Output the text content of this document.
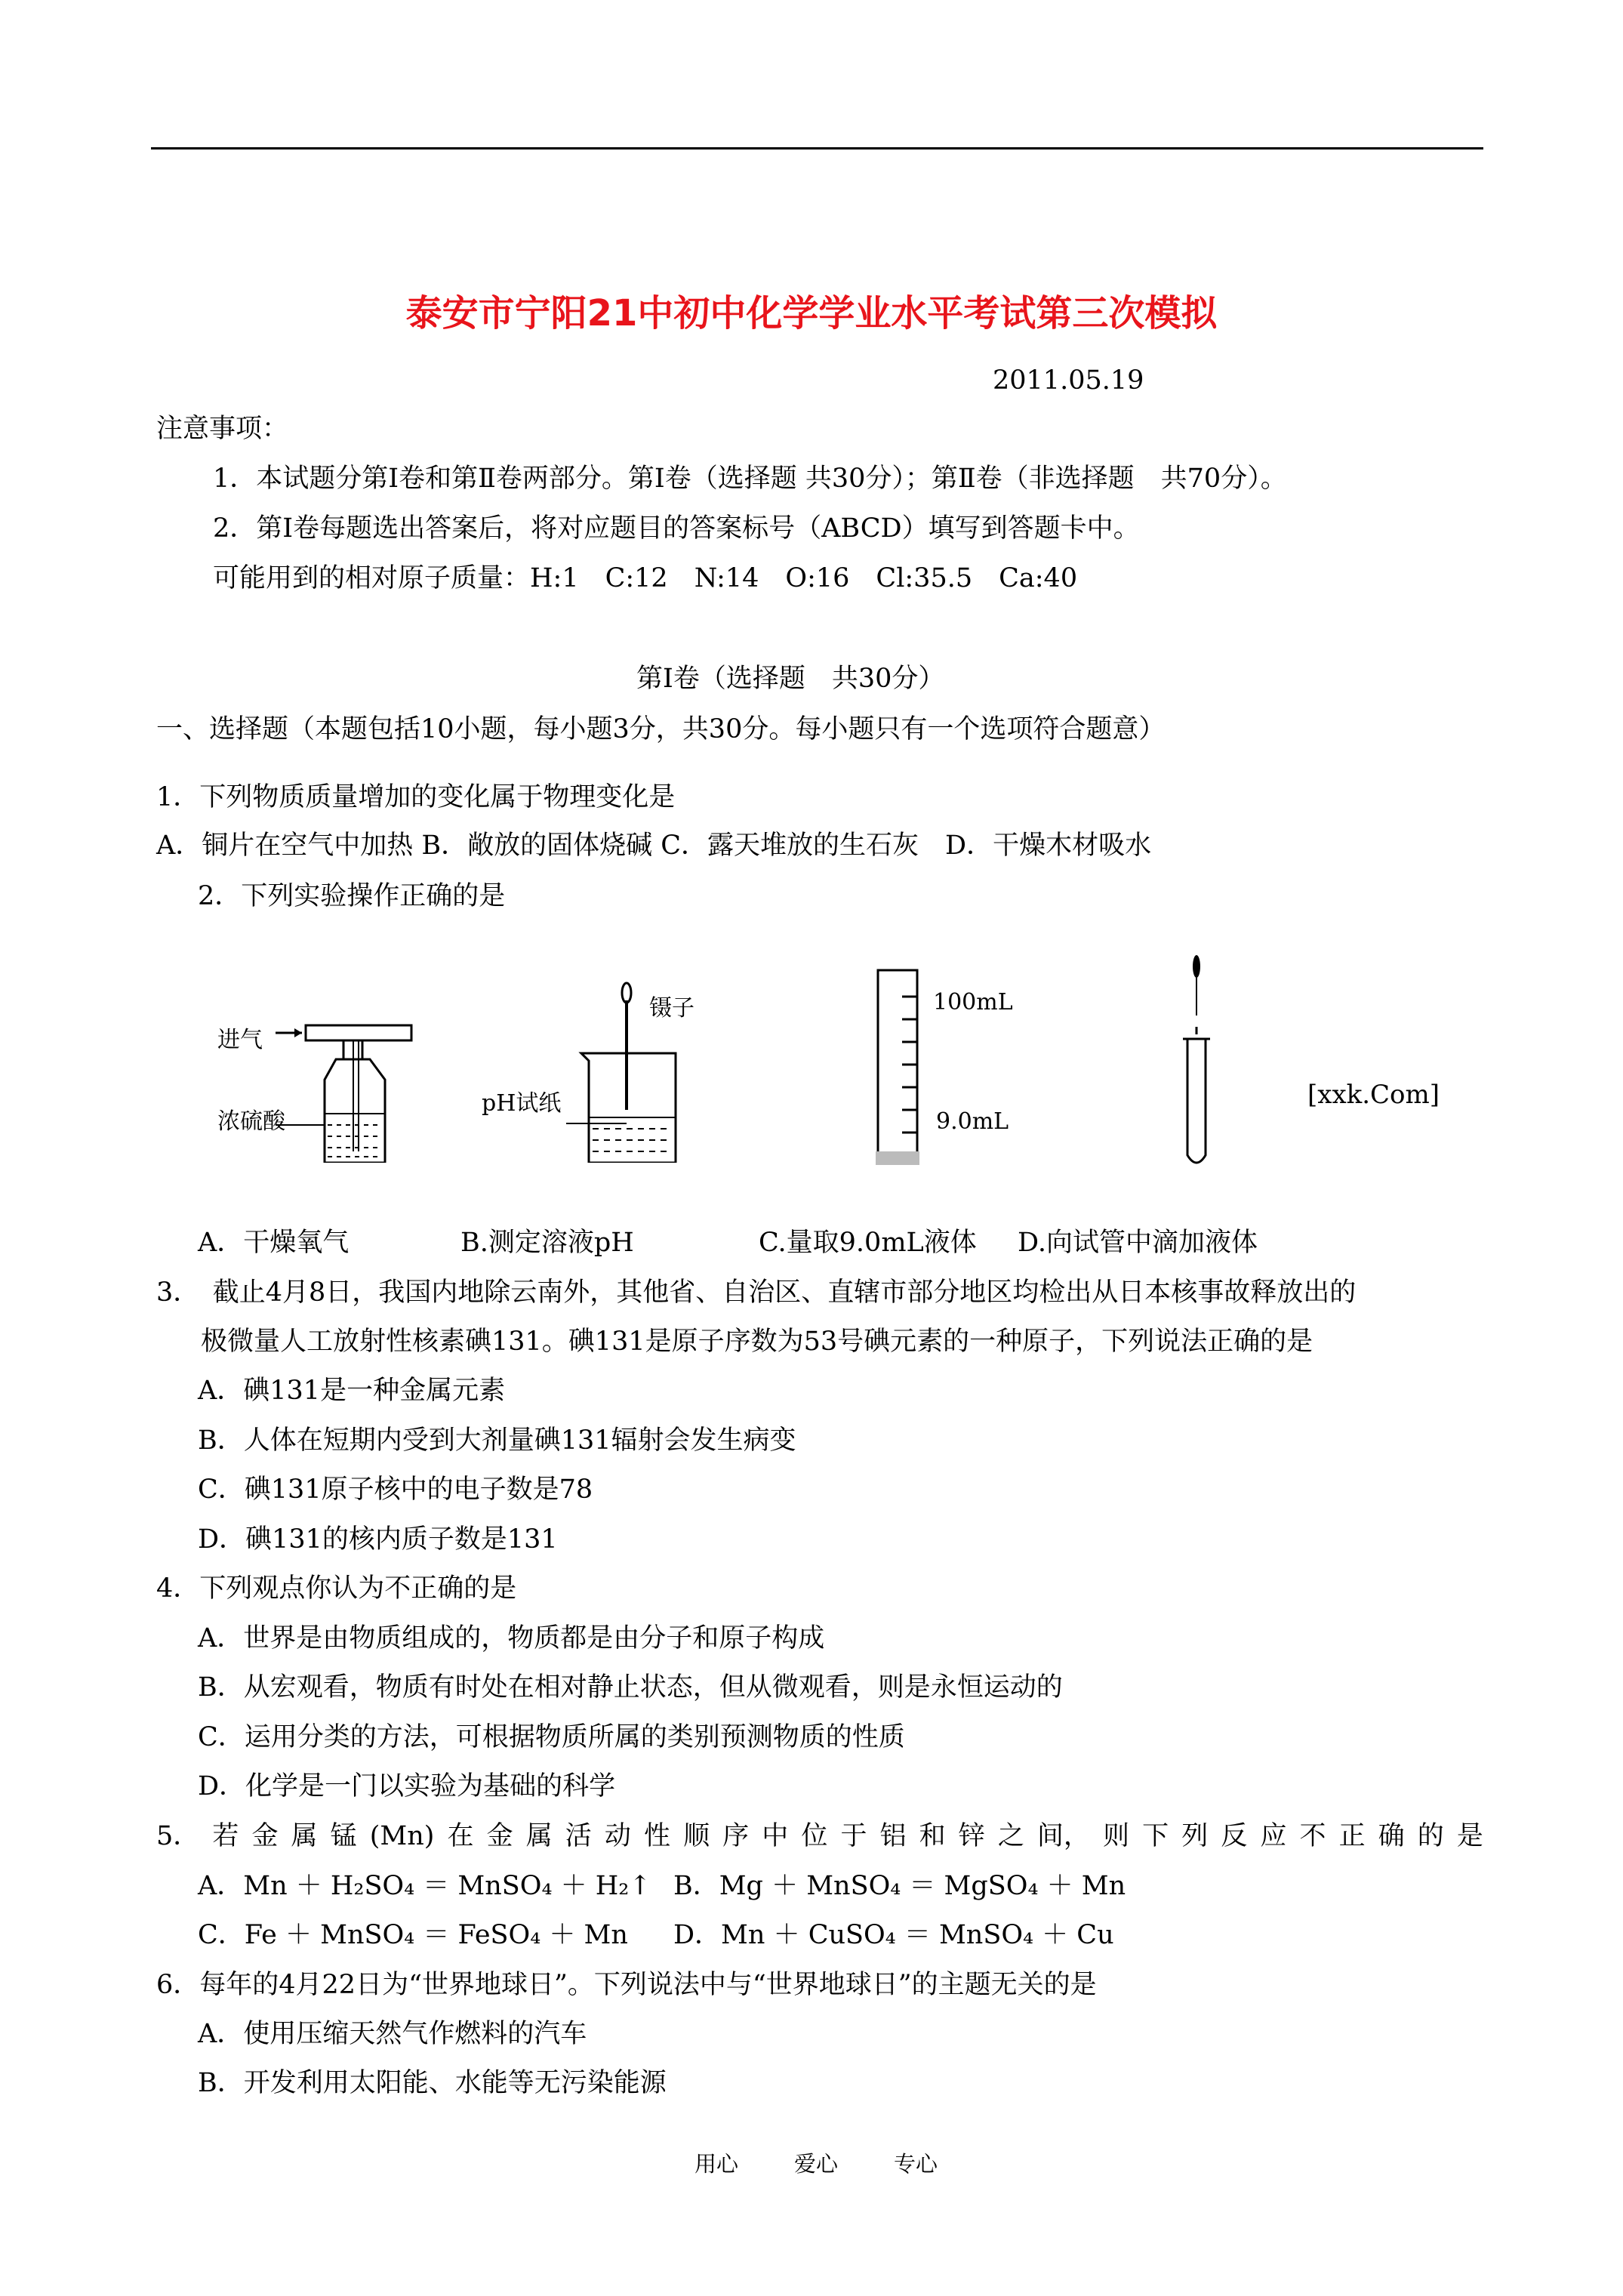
泰安市宁阳21中初中化学学业水平考试第三次模拟
2011.05.19
注意事项：
1．本试题分第Ⅰ卷和第Ⅱ卷两部分。第Ⅰ卷（选择题 共30分）；第Ⅱ卷（非选择题　共70分）。
2．第Ⅰ卷每题选出答案后，将对应题目的答案标号（ABCD）填写到答题卡中。
可能用到的相对原子质量：H:1　C:12　N:14　O:16　Cl:35.5　Ca:40
第Ⅰ卷（选择题　共30分）
一、选择题（本题包括10小题，每小题3分，共30分。每小题只有一个选项符合题意）
1．下列物质质量增加的变化属于物理变化是
A．铜片在空气中加热 B．敞放的固体烧碱 C．露天堆放的生石灰　D．干燥木材吸水
2．下列实验操作正确的是
进气
浓硫酸
镊子
pH试纸
100mL
9.0mL
[xxk.Com]
A．干燥氧气	B.测定溶液pH	C.量取9.0mL液体 D.向试管中滴加液体
3．　截止4月8日，我国内地除云南外，其他省、自治区、直辖市部分地区均检出从日本核事故释放出的
极微量人工放射性核素碘131。碘131是原子序数为53号碘元素的一种原子，下列说法正确的是
A．碘131是一种金属元素
B．人体在短期内受到大剂量碘131辐射会发生病变
C．碘131原子核中的电子数是78
D．碘131的核内质子数是131
4．下列观点你认为不正确的是
A．世界是由物质组成的，物质都是由分子和原子构成
B．从宏观看，物质有时处在相对静止状态，但从微观看，则是永恒运动的
C．运用分类的方法，可根据物质所属的类别预测物质的性质
D．化学是一门以实验为基础的科学
5． 若 金 属 锰 (Mn) 在 金 属 活 动 性 顺 序 中 位 于 铝 和 锌 之 间， 则 下 列 反 应 不 正 确 的 是
A．Mn ＋ H₂SO₄ ＝ MnSO₄ ＋ H₂↑ B．Mg ＋ MnSO₄ ＝ MgSO₄ ＋ Mn
C．Fe ＋ MnSO₄ ＝ FeSO₄ ＋ Mn D．Mn ＋ CuSO₄ ＝ MnSO₄ ＋ Cu
6．每年的4月22日为“世界地球日”。下列说法中与“世界地球日”的主题无关的是
A．使用压缩天然气作燃料的汽车
B．开发利用太阳能、水能等无污染能源
用心	爱心	专心
